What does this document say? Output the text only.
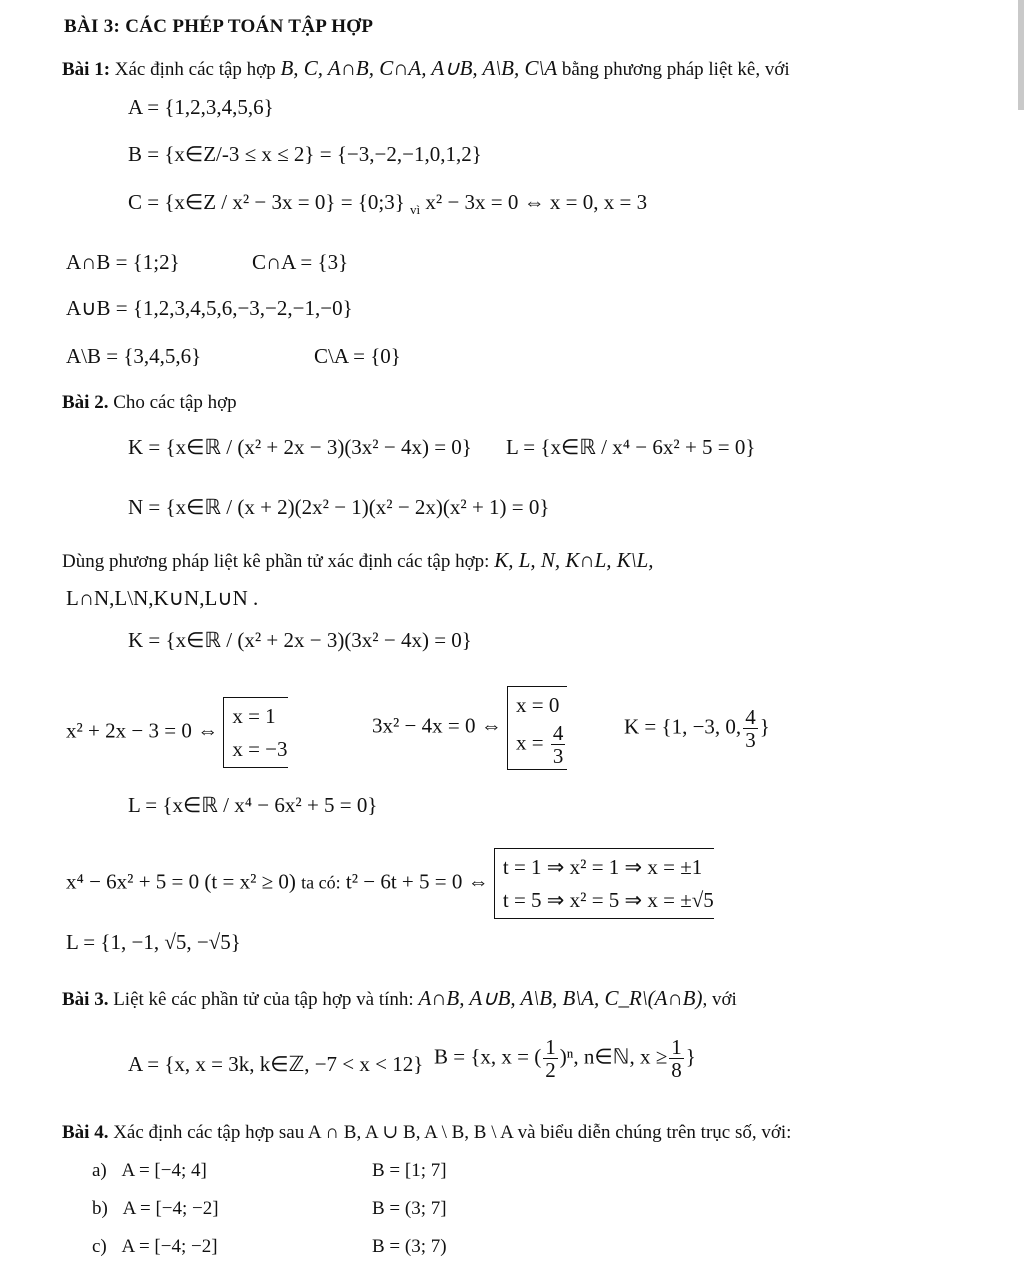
BÀI 3: CÁC PHÉP TOÁN TẬP HỢP
Bài 1: Xác định các tập hợp B, C, A∩B, C∩A, A∪B, A\B, C\A bằng phương pháp liệt kê, với
A = {1,2,3,4,5,6}
B = {x∈Z/-3 ≤ x ≤ 2} = {−3,−2,−1,0,1,2}
C = {x∈Z / x² − 3x = 0} = {0;3} $_{vì}$ x² − 3x = 0 ⇔ x = 0, x = 3
A∩B = {1;2}	C∩A = {3}
A∪B = {1,2,3,4,5,6,−3,−2,−1,−0}
A\B = {3,4,5,6}	C\A = {0}
Bài 2. Cho các tập hợp
K = {x∈ℝ / (x² + 2x − 3)(3x² − 4x) = 0} L = {x∈ℝ / x⁴ − 6x² + 5 = 0}
N = {x∈ℝ / (x + 2)(2x² − 1)(x² − 2x)(x² + 1) = 0}
Dùng phương pháp liệt kê phần tử xác định các tập hợp: K, L, N, K∩L, K\L,
L∩N,L\N,K∪N,L∪N .
K = {x∈ℝ / (x² + 2x − 3)(3x² − 4x) = 0}
x² + 2x − 3 = 0 ⇔ x = 1
x = −3
3x² − 4x = 0 ⇔ x = 0
$x = \frac{4}{3}$	K = {1, −3, 0, $\frac{4}{3}$ }
L = {x∈ℝ / x⁴ − 6x² + 5 = 0}
x⁴ − 6x² + 5 = 0 (t = x² ≥ 0) ta có: t² − 6t + 5 = 0 ⇔ t = 1 ⇒ x² = 1 ⇒ x = ±1
t = 5 ⇒ x² = 5 ⇒ x = ±√5
L = {1, −1, √5, −√5}
Bài 3. Liệt kê các phần tử của tập hợp và tính: A∩B, A∪B, A\B, B\A, C_R\(A∩B), với
A = {x, x = 3k, k∈ℤ, −7 < x < 12} B = {x, x = ( $\frac{1}{2} )^n$, n∈ℕ, $x \ge \frac{1}{8}$ }
Bài 4. Xác định các tập hợp sau A ∩ B, A ∪ B, A \ B, B \ A và biểu diễn chúng trên trục số, với:
a) A = [−4; 4]	B = [1; 7]
b) A = [−4; −2]	B = (3; 7]
c) A = [−4; −2]	B = (3; 7)
